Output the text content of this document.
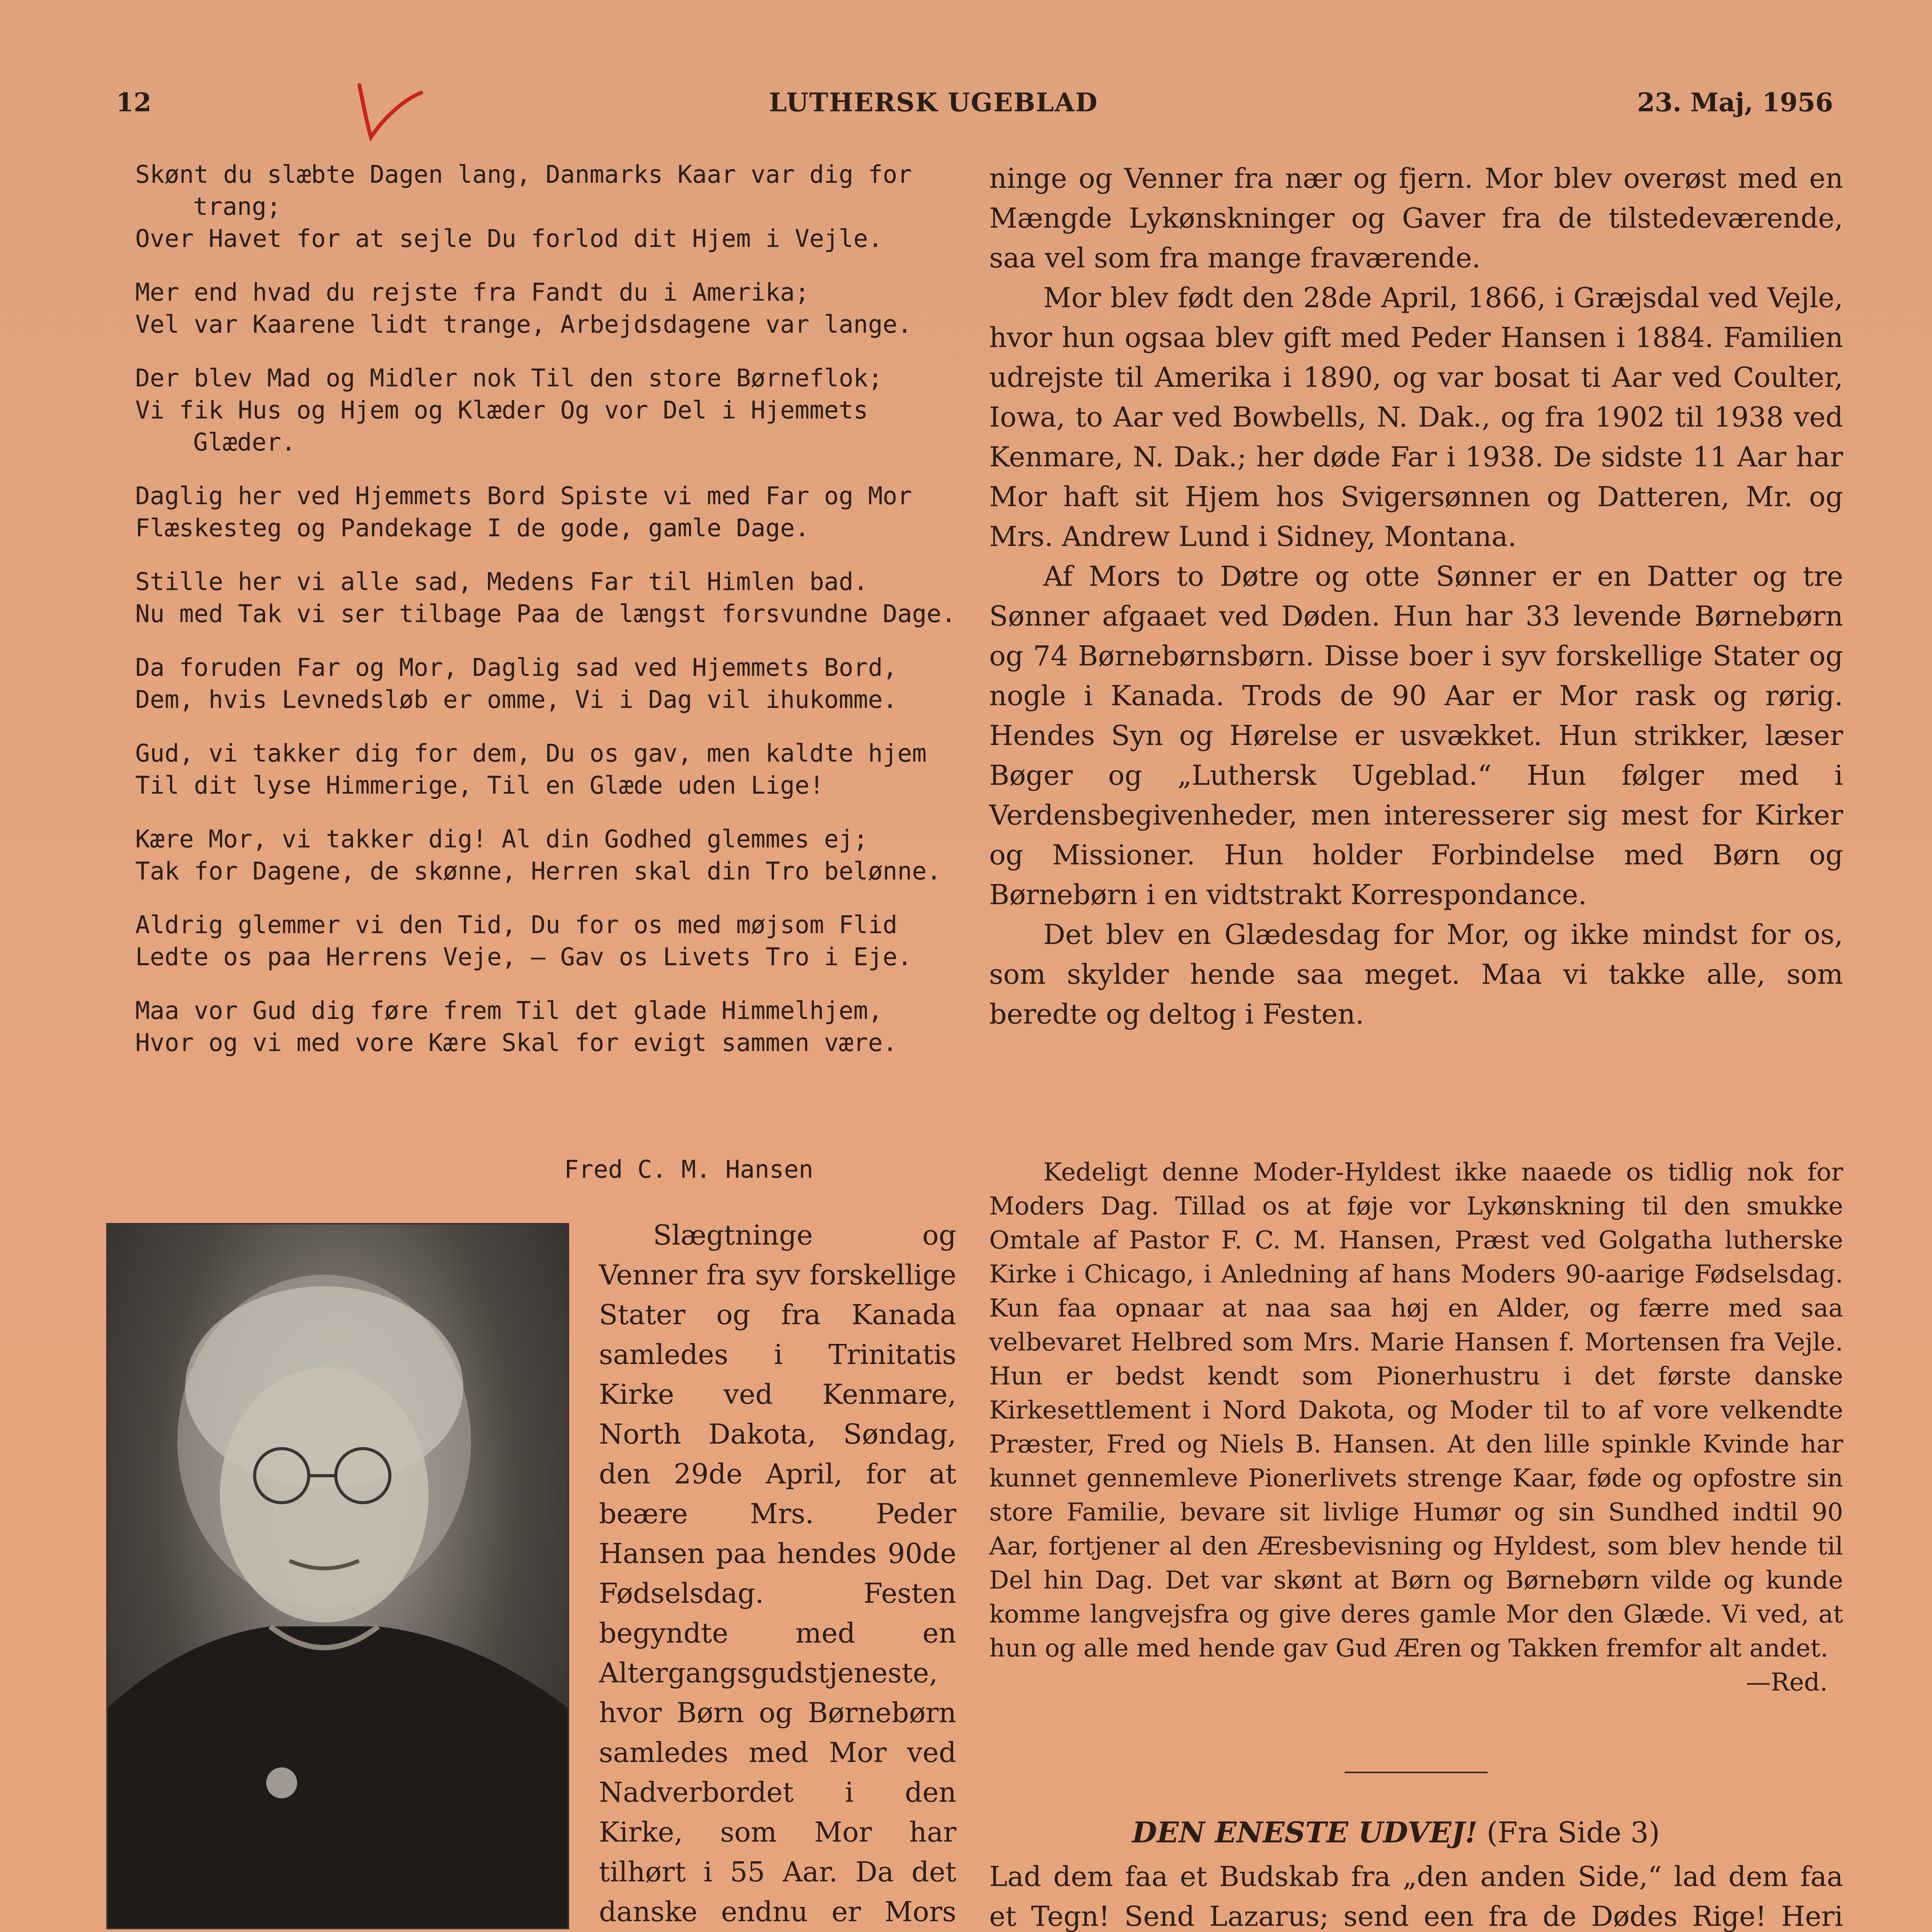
12	LUTHERSK UGEBLAD	23. Maj, 1956
Skønt du slæbte Dagen lang, Danmarks Kaar var dig for trang;
Over Havet for at sejle Du forlod dit Hjem i Vejle.
Mer end hvad du rejste fra Fandt du i Amerika;
Vel var Kaarene lidt trange, Arbejdsdagene var lange.
Der blev Mad og Midler nok Til den store Børneflok;
Vi fik Hus og Hjem og Klæder Og vor Del i Hjemmets Glæder.
Daglig her ved Hjemmets Bord Spiste vi med Far og Mor
Flæskesteg og Pandekage I de gode, gamle Dage.
Stille her vi alle sad, Medens Far til Himlen bad.
Nu med Tak vi ser tilbage Paa de længst forsvundne Dage.
Da foruden Far og Mor, Daglig sad ved Hjemmets Bord,
Dem, hvis Levnedsløb er omme, Vi i Dag vil ihukomme.
Gud, vi takker dig for dem, Du os gav, men kaldte hjem
Til dit lyse Himmerige, Til en Glæde uden Lige!
Kære Mor, vi takker dig! Al din Godhed glemmes ej;
Tak for Dagene, de skønne, Herren skal din Tro belønne.
Aldrig glemmer vi den Tid, Du for os med møjsom Flid
Ledte os paa Herrens Veje, — Gav os Livets Tro i Eje.
Maa vor Gud dig føre frem Til det glade Himmelhjem,
Hvor og vi med vore Kære Skal for evigt sammen være.
Fred C. M. Hansen

Slægtninge og Venner fra syv forskellige Stater og fra Kanada samledes i Trinitatis Kirke ved Kenmare, North Dakota, Søndag, den 29de April, for at beære Mrs. Peder Hansen paa hendes 90de Fødselsdag. Festen begyndte med en Altergangsgudstjeneste, hvor Børn og Børnebørn samledes med Mor ved Nadverbordet i den Kirke, som Mor har tilhørt i 55 Aar. Da det danske endnu er Mors

ninge og Venner fra nær og fjern. Mor blev overøst med en Mængde Lykønskninger og Gaver fra de tilstedeværende, saa vel som fra mange fraværende.

Mor blev født den 28de April, 1866, i Græjsdal ved Vejle, hvor hun ogsaa blev gift med Peder Hansen i 1884. Familien udrejste til Amerika i 1890, og var bosat ti Aar ved Coulter, Iowa, to Aar ved Bowbells, N. Dak., og fra 1902 til 1938 ved Kenmare, N. Dak.; her døde Far i 1938. De sidste 11 Aar har Mor haft sit Hjem hos Svigersønnen og Datteren, Mr. og Mrs. Andrew Lund i Sidney, Montana.

Af Mors to Døtre og otte Sønner er en Datter og tre Sønner afgaaet ved Døden. Hun har 33 levende Børnebørn og 74 Børnebørnsbørn. Disse boer i syv forskellige Stater og nogle i Kanada. Trods de 90 Aar er Mor rask og rørig. Hendes Syn og Hørelse er usvækket. Hun strikker, læser Bøger og „Luthersk Ugeblad.“ Hun følger med i Verdensbegivenheder, men interesserer sig mest for Kirker og Missioner. Hun holder Forbindelse med Børn og Børnebørn i en vidtstrakt Korrespondance.

Det blev en Glædesdag for Mor, og ikke mindst for os, som skylder hende saa meget. Maa vi takke alle, som beredte og deltog i Festen.

Kedeligt denne Moder-Hyldest ikke naaede os tidlig nok for Moders Dag. Tillad os at føje vor Lykønskning til den smukke Omtale af Pastor F. C. M. Hansen, Præst ved Golgatha lutherske Kirke i Chicago, i Anledning af hans Moders 90-aarige Fødselsdag. Kun faa opnaar at naa saa høj en Alder, og færre med saa velbevaret Helbred som Mrs. Marie Hansen f. Mortensen fra Vejle. Hun er bedst kendt som Pionerhustru i det første danske Kirkesettlement i Nord Dakota, og Moder til to af vore velkendte Præster, Fred og Niels B. Hansen. At den lille spinkle Kvinde har kunnet gennemleve Pionerlivets strenge Kaar, føde og opfostre sin store Familie, bevare sit livlige Humør og sin Sundhed indtil 90 Aar, fortjener al den Æresbevisning og Hyldest, som blev hende til Del hin Dag. Det var skønt at Børn og Børnebørn vilde og kunde komme langvejsfra og give deres gamle Mor den Glæde. Vi ved, at hun og alle med hende gav Gud Æren og Takken fremfor alt andet.

—Red.
DEN ENESTE UDVEJ! (Fra Side 3)

Lad dem faa et Budskab fra „den anden Side,“ lad dem faa et Tegn! Send Lazarus; send een fra de Dødes Rige! Heri
